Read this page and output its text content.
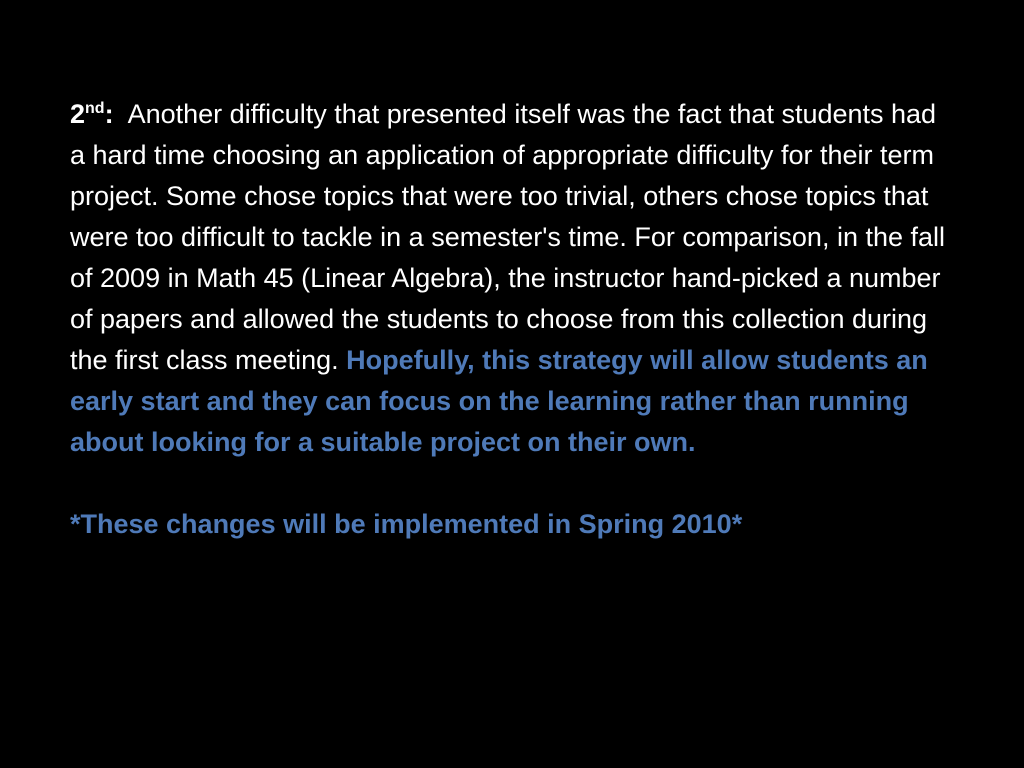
2nd: Another difficulty that presented itself was the fact that students had a hard time choosing an application of appropriate difficulty for their term project. Some chose topics that were too trivial, others chose topics that were too difficult to tackle in a semester's time. For comparison, in the fall of 2009 in Math 45 (Linear Algebra), the instructor hand-picked a number of papers and allowed the students to choose from this collection during the first class meeting. Hopefully, this strategy will allow students an early start and they can focus on the learning rather than running about looking for a suitable project on their own.

*These changes will be implemented in Spring 2010*
